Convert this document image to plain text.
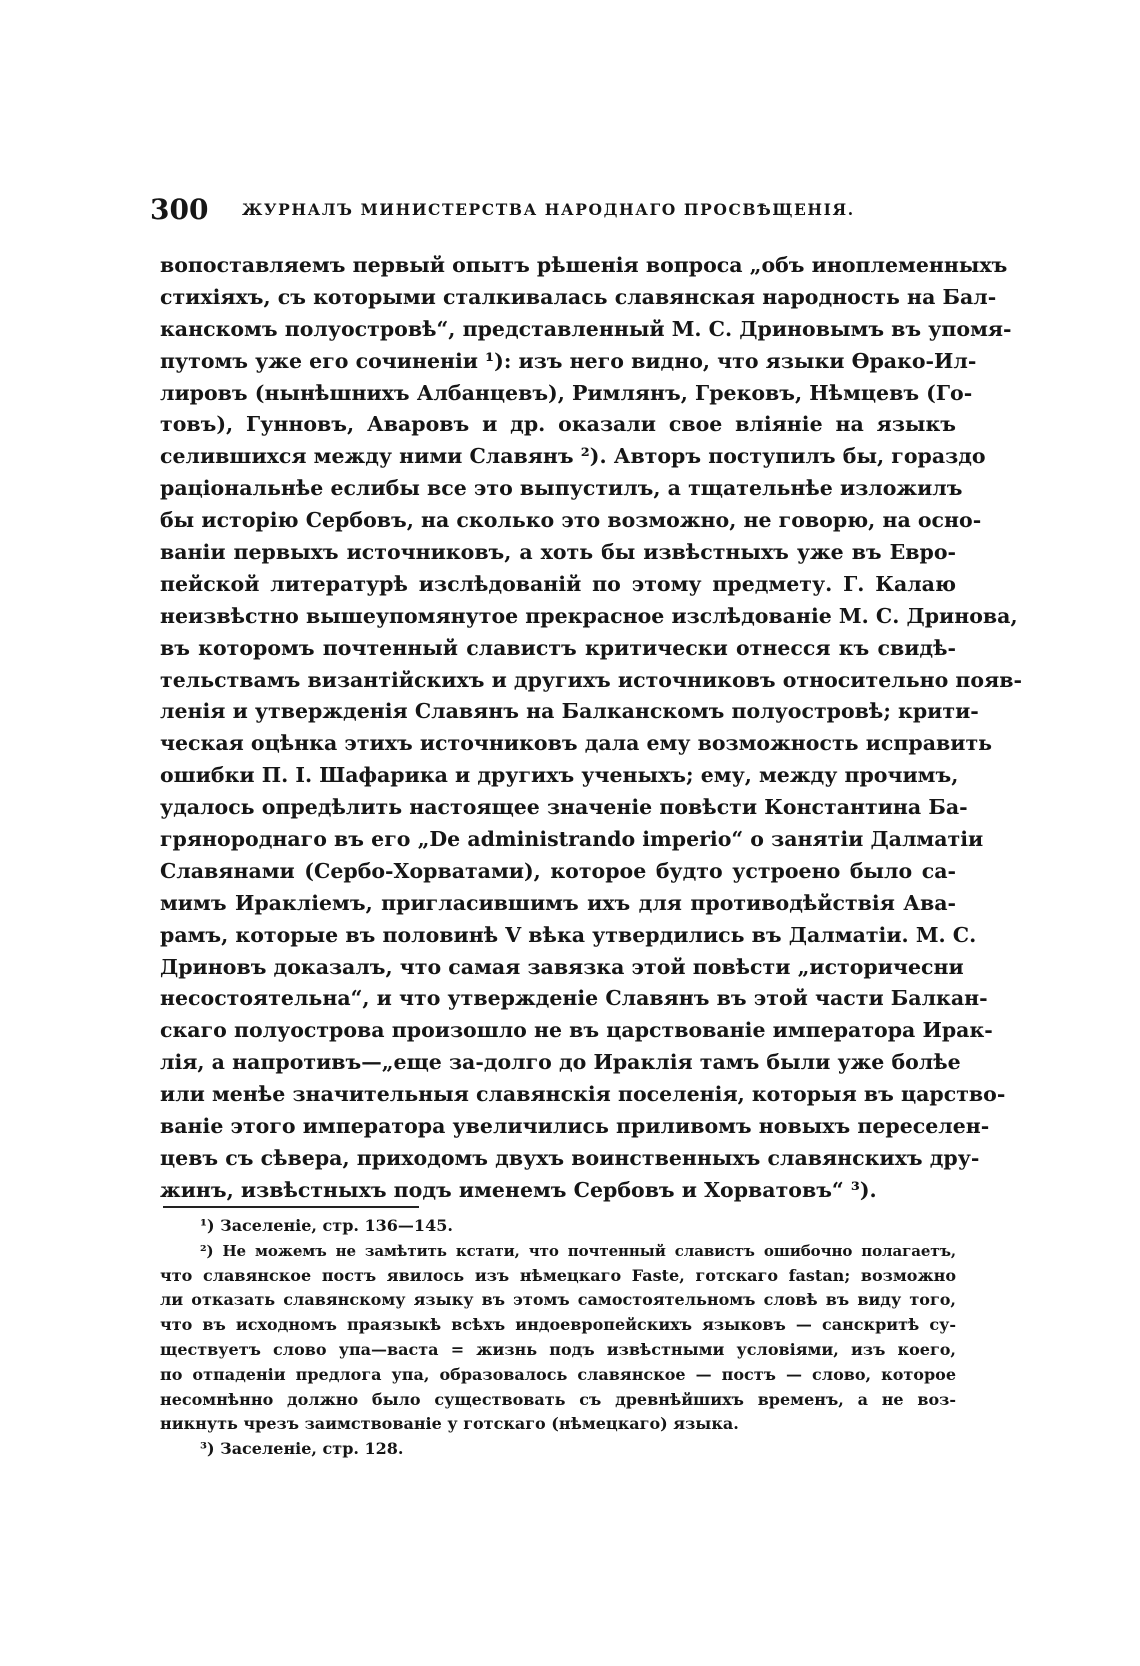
300 ЖУРНАЛЪ МИНИСТЕРСТВА НАРОДНАГО ПРОСВѢЩЕНІЯ.
вопоставляемъ первый опытъ рѣшенія вопроса „объ иноплеменныхъ
стихіяхъ, съ которыми сталкивалась славянская народность на Бал-
канскомъ полуостровѣ“, представленный М. С. Дриновымъ въ упомя-
путомъ уже его сочиненіи ¹): изъ него видно, что языки Ѳрако-Ил-
лировъ (нынѣшнихъ Албанцевъ), Римлянъ, Грековъ, Нѣмцевъ (Го-
товъ), Гунновъ, Аваровъ и др. оказали свое вліяніе на языкъ
селившихся между ними Славянъ ²). Авторъ поступилъ бы, гораздо
раціональнѣе еслибы все это выпустилъ, а тщательнѣе изложилъ
бы исторію Сербовъ, на сколько это возможно, не говорю, на осно-
ваніи первыхъ источниковъ, а хоть бы извѣстныхъ уже въ Евро-
пейской литературѣ изслѣдованій по этому предмету. Г. Калаю
неизвѣстно вышеупомянутое прекрасное изслѣдованіе М. С. Дринова,
въ которомъ почтенный славистъ критически отнесся къ свидѣ-
тельствамъ византійскихъ и другихъ источниковъ относительно появ-
ленія и утвержденія Славянъ на Балканскомъ полуостровѣ; крити-
ческая оцѣнка этихъ источниковъ дала ему возможность исправить
ошибки П. І. Шафарика и другихъ ученыхъ; ему, между прочимъ,
удалось опредѣлить настоящее значеніе повѣсти Константина Ба-
грянороднаго въ его „De administrando imperio“ о занятіи Далматіи
Славянами (Сербо-Хорватами), которое будто устроено было са-
мимъ Иракліемъ, пригласившимъ ихъ для противодѣйствія Ава-
рамъ, которые въ половинѣ V вѣка утвердились въ Далматіи. М. С.
Дриновъ доказалъ, что самая завязка этой повѣсти „историчесни
несостоятельна“, и что утвержденіе Славянъ въ этой части Балкан-
скаго полуострова произошло не въ царствованіе императора Ирак-
лія, а напротивъ—„еще за-долго до Ираклія тамъ были уже болѣе
или менѣе значительныя славянскія поселенія, которыя въ царство-
ваніе этого императора увеличились приливомъ новыхъ переселен-
цевъ съ сѣвера, приходомъ двухъ воинственныхъ славянскихъ дру-
жинъ, извѣстныхъ подъ именемъ Сербовъ и Хорватовъ“ ³).
¹) Заселеніе, стр. 136—145.
²) Не можемъ не замѣтить кстати, что почтенный славистъ ошибочно полагаетъ,
что славянское постъ явилось изъ нѣмецкаго Faste, готскаго fastan; возможно
ли отказать славянскому языку въ этомъ самостоятельномъ словѣ въ виду того,
что въ исходномъ праязыкѣ всѣхъ индоевропейскихъ языковъ — санскритѣ су-
ществуетъ слово упа—васта = жизнь подъ извѣстными условіями, изъ коего,
по отпаденіи предлога упа, образовалось славянское — постъ — слово, которое
несомнѣнно должно было существовать съ древнѣйшихъ временъ, а не воз-
никнуть чрезъ заимствованіе у готскаго (нѣмецкаго) языка.
³) Заселеніе, стр. 128.
